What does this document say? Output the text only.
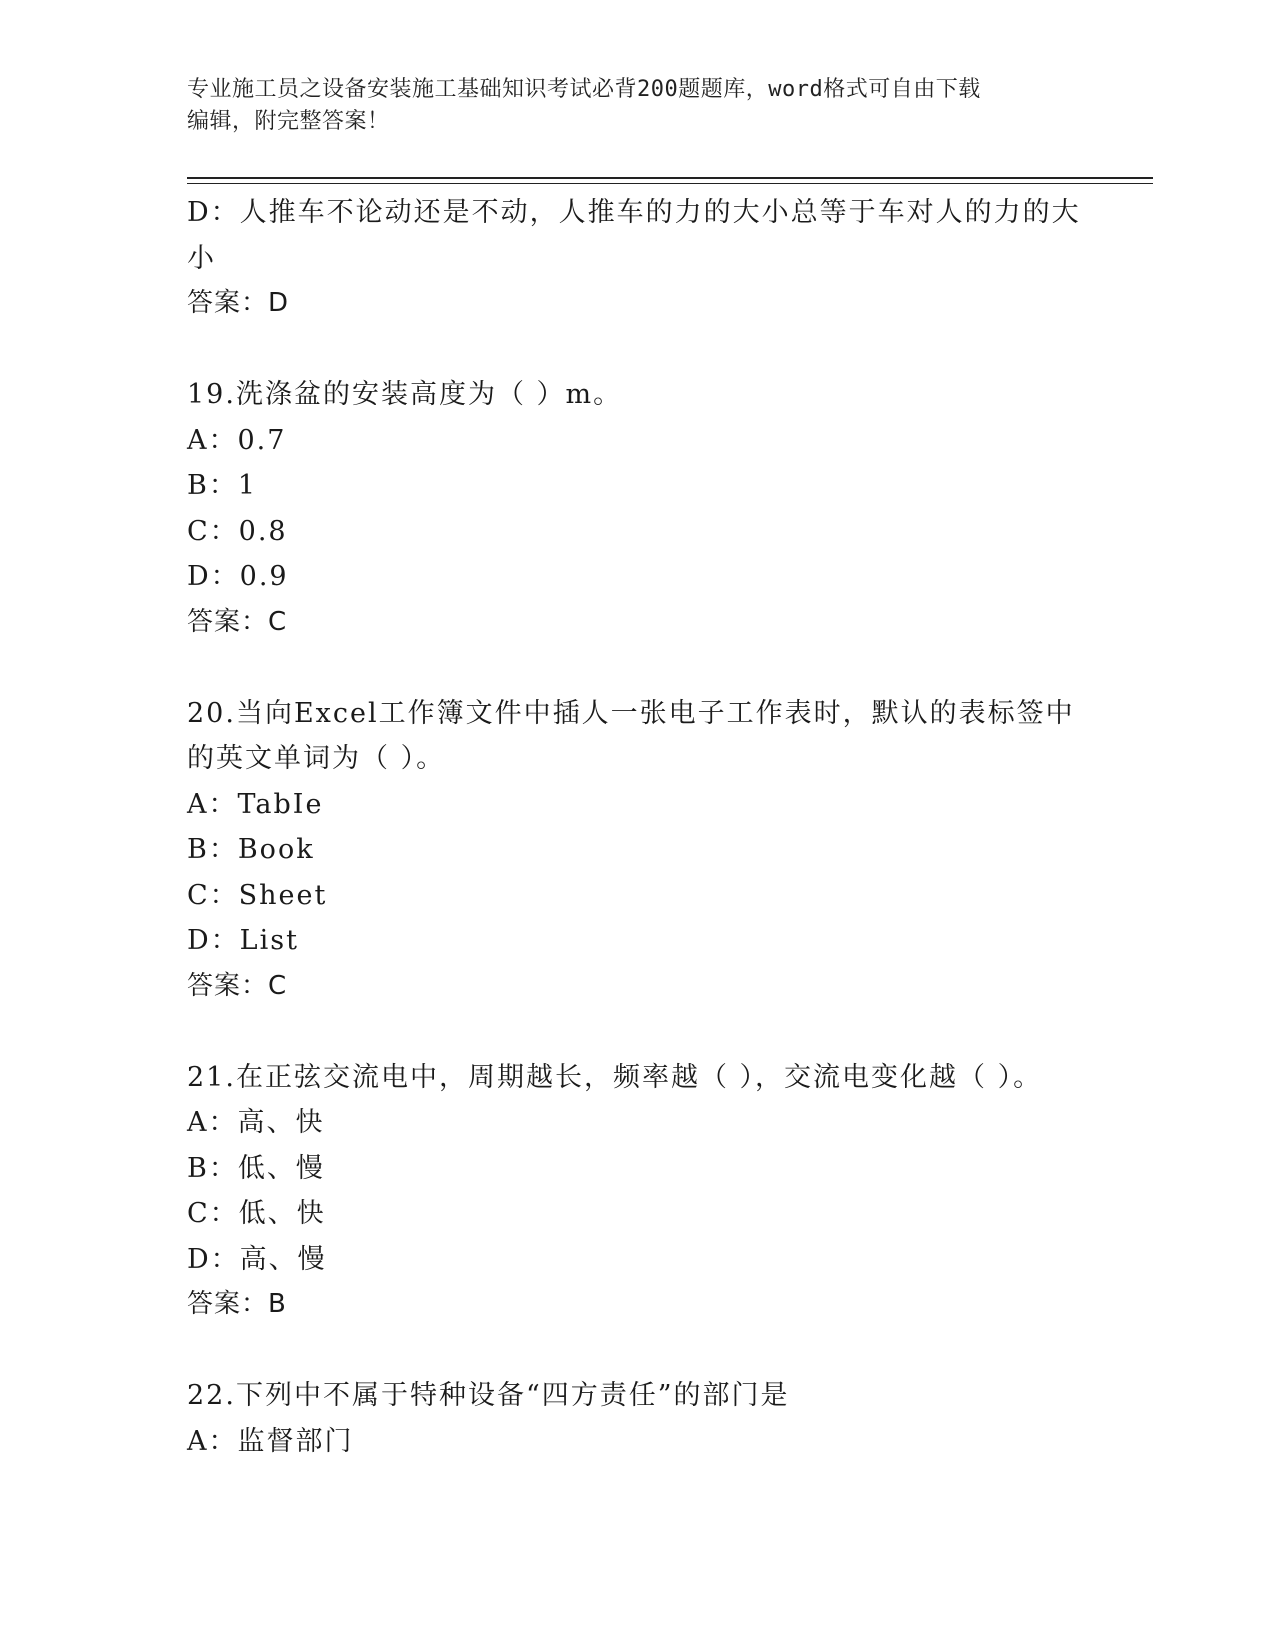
专业施工员之设备安装施工基础知识考试必背200题题库，word格式可自由下载
编辑，附完整答案！
D：人推车不论动还是不动，人推车的力的大小总等于车对人的力的大
小
答案：D
19.洗涤盆的安装高度为（ ）m。
A：0.7
B：1
C：0.8
D：0.9
答案：C
20.当向Excel工作簿文件中插人一张电子工作表时，默认的表标签中
的英文单词为（ ）。
A：TabIe
B：Book
C：Sheet
D：List
答案：C
21.在正弦交流电中，周期越长，频率越（ ），交流电变化越（ ）。
A：高、快
B：低、慢
C：低、快
D：高、慢
答案：B
22.下列中不属于特种设备“四方责任”的部门是
A：监督部门
